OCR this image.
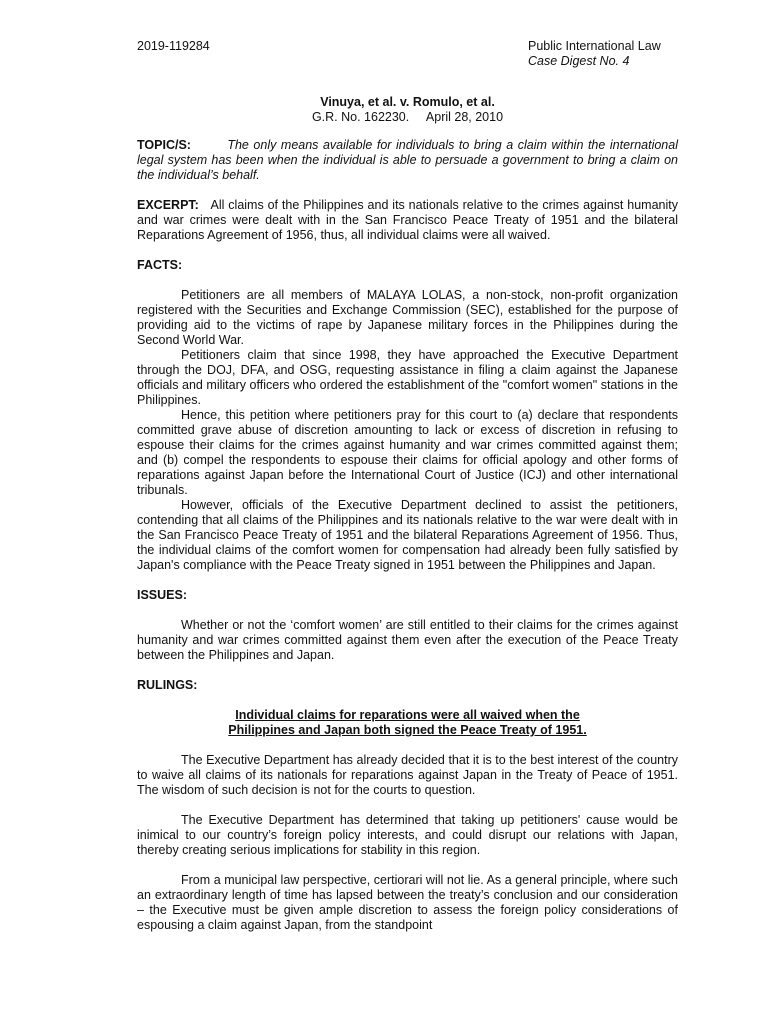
2019-119284	Public International Law
Case Digest No. 4
Vinuya, et al. v. Romulo, et al.
G.R. No. 162230.     April 28, 2010

TOPIC/S:	The only means available for individuals to bring a claim within the international legal system has been when the individual is able to persuade a government to bring a claim on the individual’s behalf.

EXCERPT: All claims of the Philippines and its nationals relative to the crimes against humanity and war crimes were dealt with in the San Francisco Peace Treaty of 1951 and the bilateral Reparations Agreement of 1956, thus, all individual claims were all waived.

FACTS:

Petitioners are all members of MALAYA LOLAS, a non-stock, non-profit organization registered with the Securities and Exchange Commission (SEC), established for the purpose of providing aid to the victims of rape by Japanese military forces in the Philippines during the Second World War.

Petitioners claim that since 1998, they have approached the Executive Department through the DOJ, DFA, and OSG, requesting assistance in filing a claim against the Japanese officials and military officers who ordered the establishment of the "comfort women" stations in the Philippines.

Hence, this petition where petitioners pray for this court to (a) declare that respondents committed grave abuse of discretion amounting to lack or excess of discretion in refusing to espouse their claims for the crimes against humanity and war crimes committed against them; and (b) compel the respondents to espouse their claims for official apology and other forms of reparations against Japan before the International Court of Justice (ICJ) and other international tribunals.

However, officials of the Executive Department declined to assist the petitioners, contending that all claims of the Philippines and its nationals relative to the war were dealt with in the San Francisco Peace Treaty of 1951 and the bilateral Reparations Agreement of 1956. Thus, the individual claims of the comfort women for compensation had already been fully satisfied by Japan's compliance with the Peace Treaty signed in 1951 between the Philippines and Japan.

ISSUES:

Whether or not the ‘comfort women’ are still entitled to their claims for the crimes against humanity and war crimes committed against them even after the execution of the Peace Treaty between the Philippines and Japan.

RULINGS:

Individual claims for reparations were all waived when the
Philippines and Japan both signed the Peace Treaty of 1951.

The Executive Department has already decided that it is to the best interest of the country to waive all claims of its nationals for reparations against Japan in the Treaty of Peace of 1951. The wisdom of such decision is not for the courts to question.

The Executive Department has determined that taking up petitioners' cause would be inimical to our country’s foreign policy interests, and could disrupt our relations with Japan, thereby creating serious implications for stability in this region.

From a municipal law perspective, certiorari will not lie. As a general principle, where such an extraordinary length of time has lapsed between the treaty’s conclusion and our consideration – the Executive must be given ample discretion to assess the foreign policy considerations of espousing a claim against Japan, from the standpoint
